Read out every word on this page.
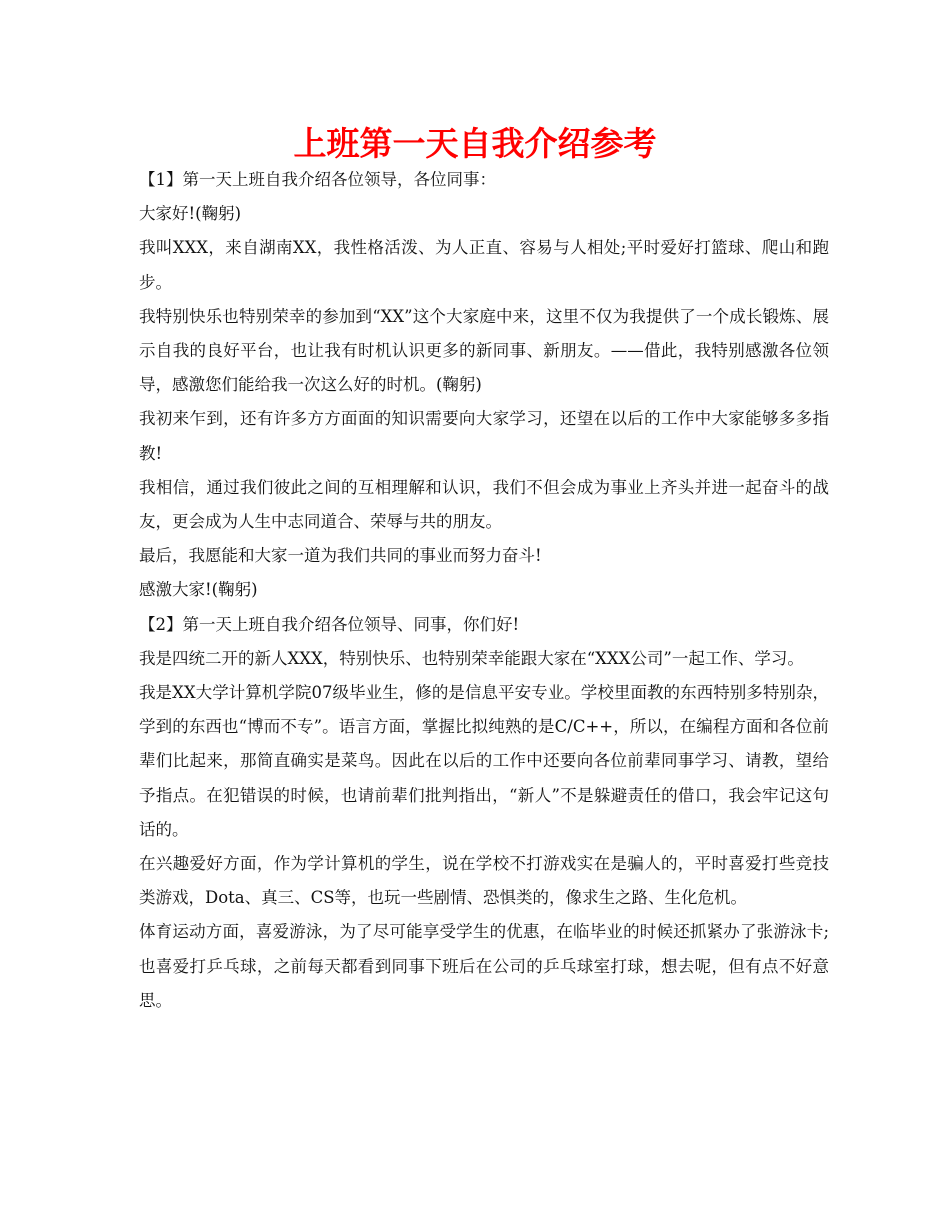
上班第一天自我介绍参考

【1】第一天上班自我介绍各位领导，各位同事：

大家好!(鞠躬)

我叫XXX，来自湖南XX，我性格活泼、为人正直、容易与人相处;平时爱好打篮球、爬山和跑步。

我特别快乐也特别荣幸的参加到“XX”这个大家庭中来，这里不仅为我提供了一个成长锻炼、展示自我的良好平台，也让我有时机认识更多的新同事、新朋友。——借此，我特别感激各位领导，感激您们能给我一次这么好的时机。(鞠躬)

我初来乍到，还有许多方方面面的知识需要向大家学习，还望在以后的工作中大家能够多多指教!

我相信，通过我们彼此之间的互相理解和认识，我们不但会成为事业上齐头并进一起奋斗的战友，更会成为人生中志同道合、荣辱与共的朋友。

最后，我愿能和大家一道为我们共同的事业而努力奋斗!

感激大家!(鞠躬)

【2】第一天上班自我介绍各位领导、同事，你们好!

我是四统二开的新人XXX，特别快乐、也特别荣幸能跟大家在“XXX公司”一起工作、学习。

我是XX大学计算机学院07级毕业生，修的是信息平安专业。学校里面教的东西特别多特别杂，学到的东西也“博而不专”。语言方面，掌握比拟纯熟的是C/C++，所以，在编程方面和各位前辈们比起来，那简直确实是菜鸟。因此在以后的工作中还要向各位前辈同事学习、请教，望给予指点。在犯错误的时候，也请前辈们批判指出，“新人”不是躲避责任的借口，我会牢记这句话的。

在兴趣爱好方面，作为学计算机的学生，说在学校不打游戏实在是骗人的，平时喜爱打些竞技类游戏，Dota、真三、CS等，也玩一些剧情、恐惧类的，像求生之路、生化危机。

体育运动方面，喜爱游泳，为了尽可能享受学生的优惠，在临毕业的时候还抓紧办了张游泳卡;也喜爱打乒乓球，之前每天都看到同事下班后在公司的乒乓球室打球，想去呢，但有点不好意思。
